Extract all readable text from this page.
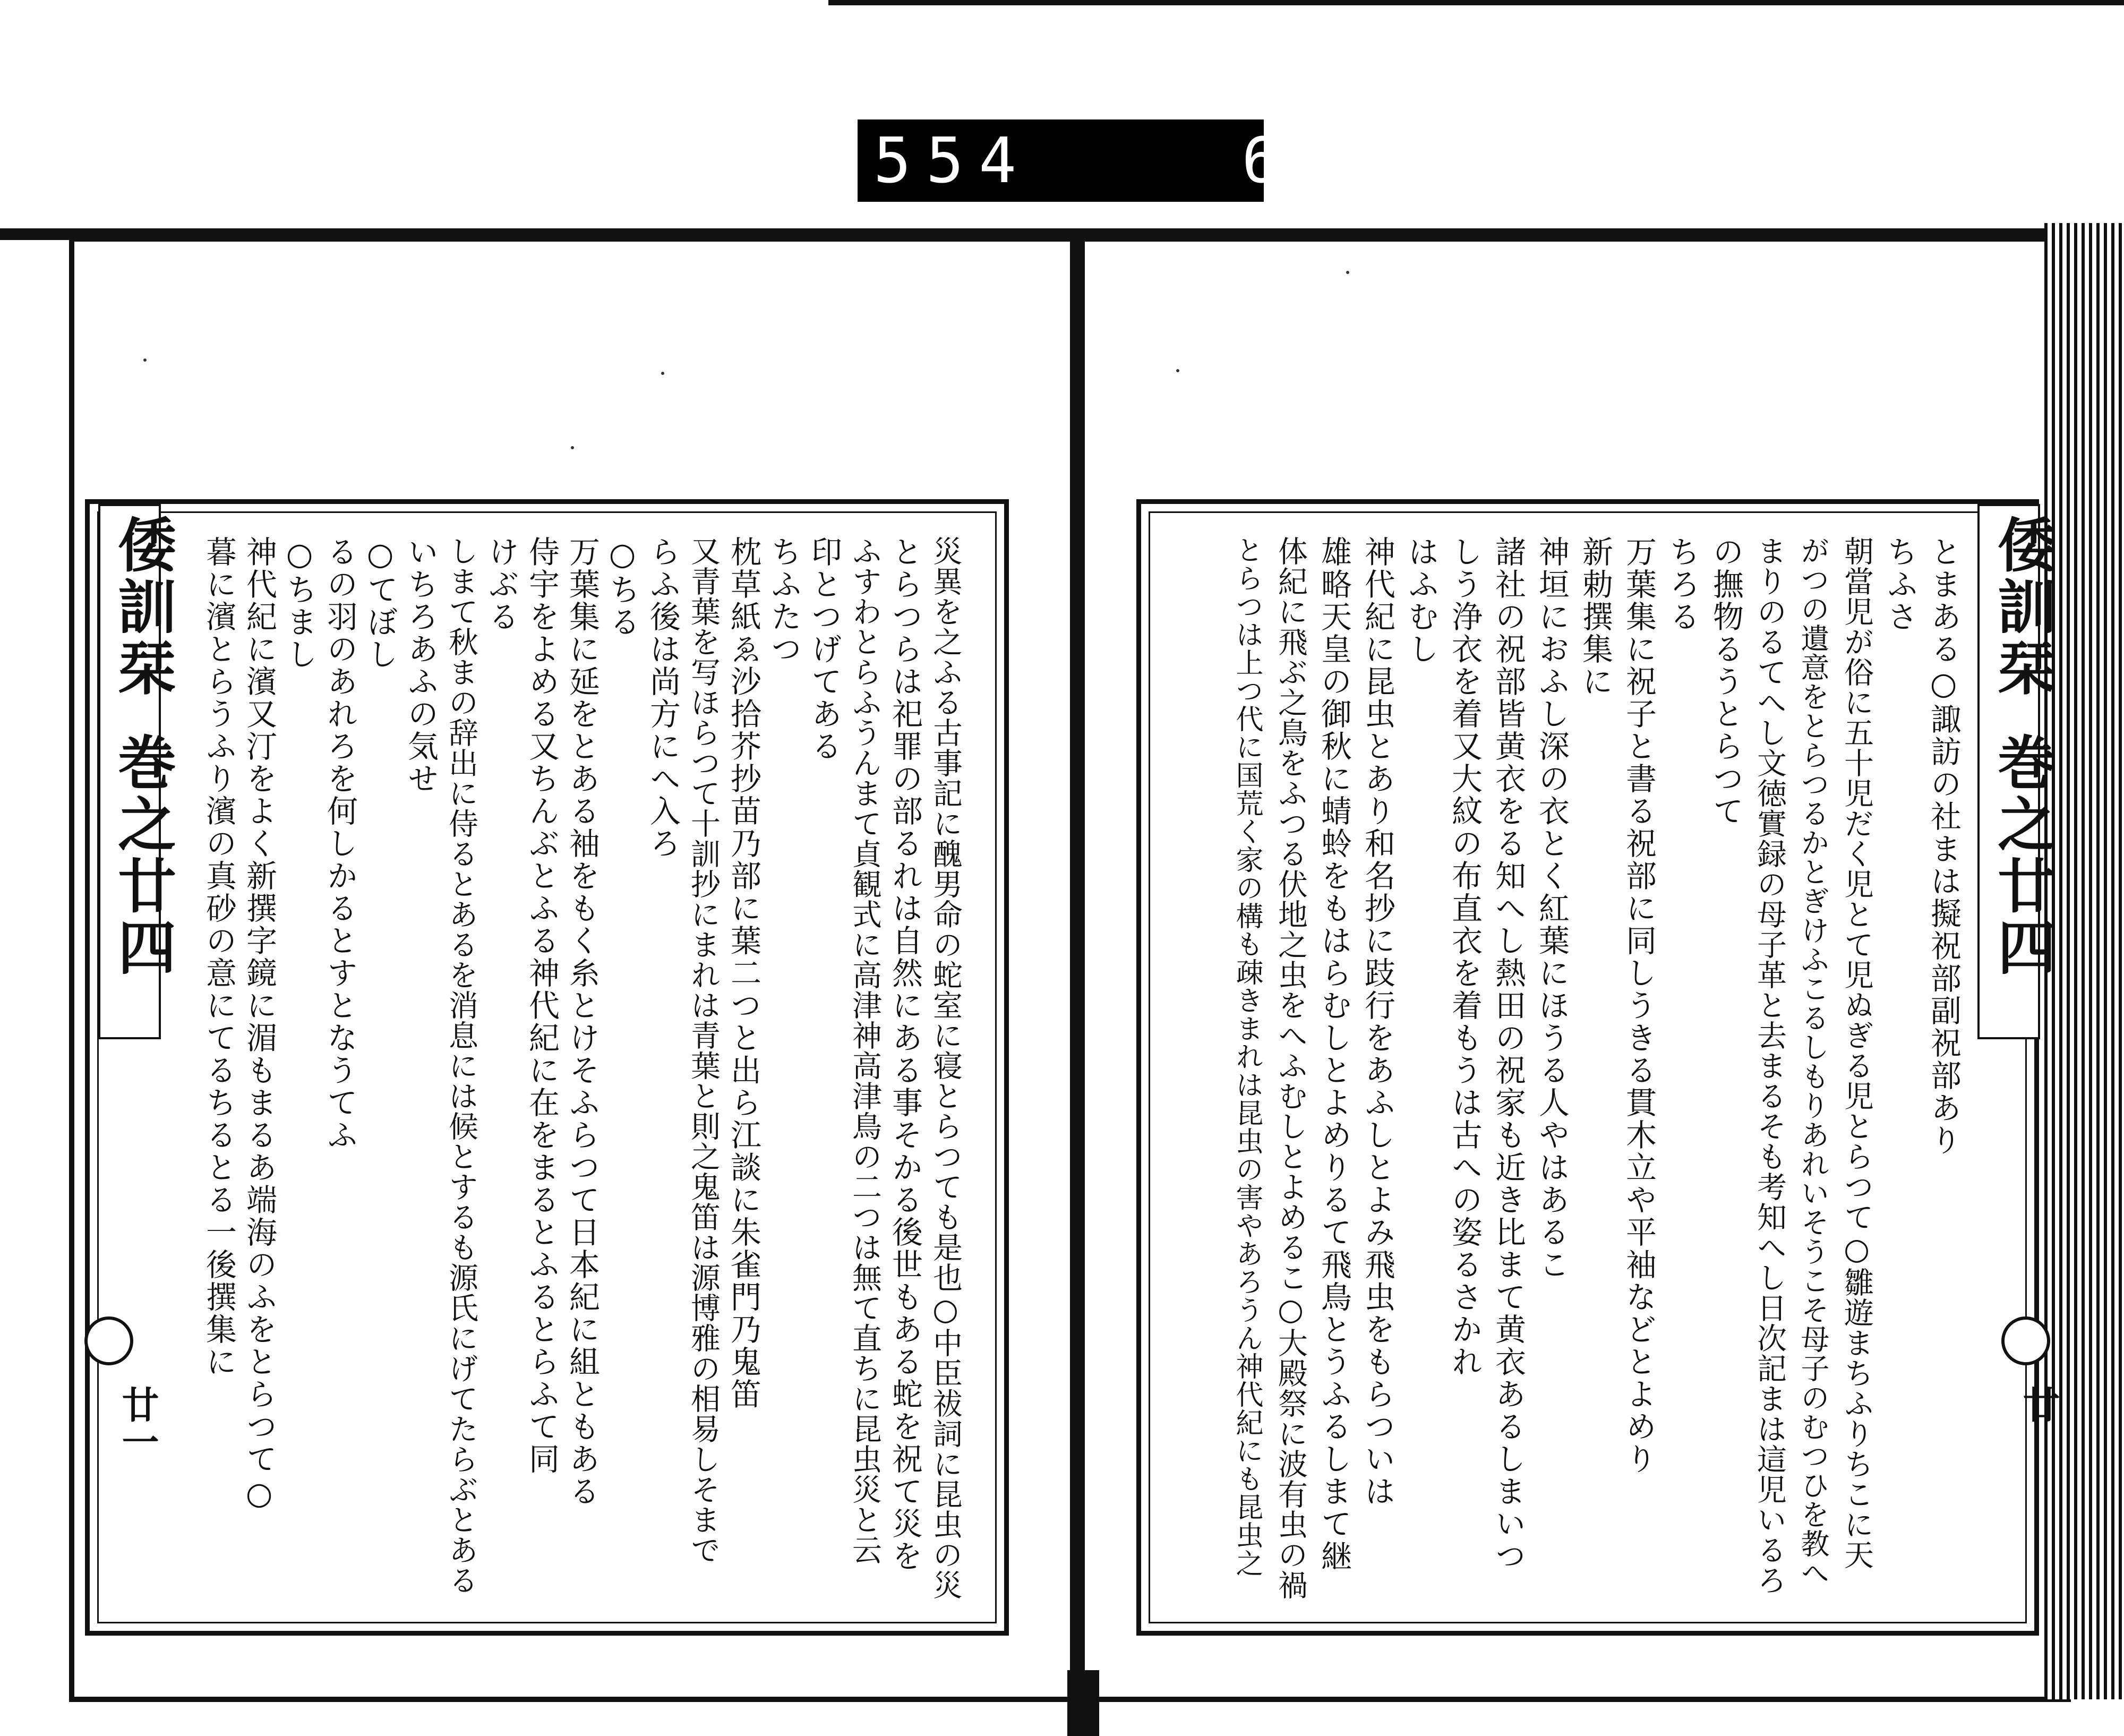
554    644.
倭訓栞
巻之廿四
廿一	災異を之ふる古事記に醜男命の蛇室に寝とらつても是也○中臣祓詞に昆虫の災
とらつらは祀罪の部るれは自然にある事そかる後世もある蛇を祝て災を
ふすわとらふうんまて貞観式に高津神高津鳥の二つは無て直ちに昆虫災と云
印とつげてある
ちふたつ
枕草紙ゑ沙拾芥抄苗乃部に葉二つと出ら江談に朱雀門乃鬼笛
又青葉を写ほらつて十訓抄にまれは青葉と則之鬼笛は源博雅の相易しそまで
らふ後は尚方にへ入ろ
○ちる
万葉集に延をとある袖をもく糸とけそふらつて日本紀に組ともある
侍宇をよめる又ちんぶとふる神代紀に在をまるとふるとらふて同
けぶる
しまて秋まの辞出に侍るとあるを消息には候とするも源氏にげてたらぶとある
いちろあふの気せ
○てぼし
るの羽のあれろを何しかるとすとなうてふ
○ちまし
神代紀に濱又汀をよく新撰字鏡に湄もまるあ端海のふをとらつて○
暮に濱とらうふり濱の真砂の意にてるちるとる一後撰集に	倭訓栞
巻之廿四
廿
とまある○諏訪の社まは擬祝部副祝部あり
ちふさ
朝當児が俗に五十児だく児とて児ぬぎる児とらつて○雛遊まちふりちこに天
がつの遺意をとらつるかとぎけふこるしもりあれいそうこそ母子のむつひを教へ
まりのるてへし文徳實録の母子革と去まるそも考知へし日次記まは這児いるろ
の撫物るうとらつて
ちろる
万葉集に祝子と書る祝部に同しうきる貫木立や平袖などとよめり
新勅撰集に
神垣におふし深の衣とく紅葉にほうる人やはあるこ
諸社の祝部皆黄衣をる知へし熱田の祝家も近き比まて黄衣あるしまいつ
しう浄衣を着又大紋の布直衣を着もうは古への姿るさかれ
はふむし
神代紀に昆虫とあり和名抄に跂行をあふしとよみ飛虫をもらついは
雄略天皇の御秋に蜻蛉をもはらむしとよめりるて飛鳥とうふるしまて継
体紀に飛ぶ之鳥をふつる伏地之虫をへふむしとよめるこ○大殿祭に波有虫の禍
とらつは上つ代に国荒く家の構も疎きまれは昆虫の害やあろうん神代紀にも昆虫之
